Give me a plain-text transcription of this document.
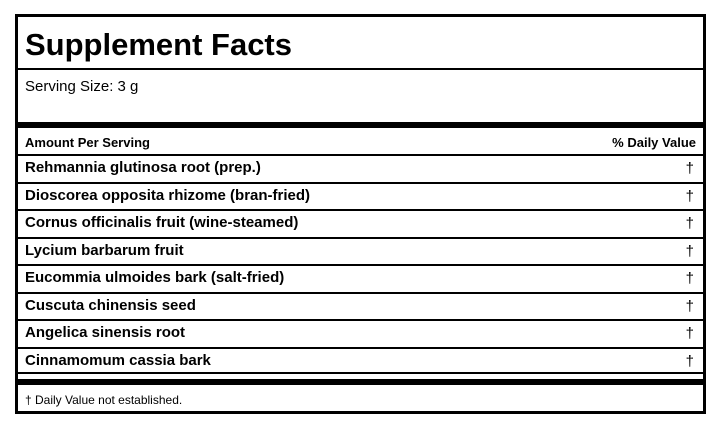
Supplement Facts
Serving Size: 3 g
Amount Per Serving	% Daily Value
Rehmannia glutinosa root (prep.)	†
Dioscorea opposita rhizome (bran-fried)	†
Cornus officinalis fruit (wine-steamed)	†
Lycium barbarum fruit	†
Eucommia ulmoides bark (salt-fried)	†
Cuscuta chinensis seed	†
Angelica sinensis root	†
Cinnamomum cassia bark	†
† Daily Value not established.
